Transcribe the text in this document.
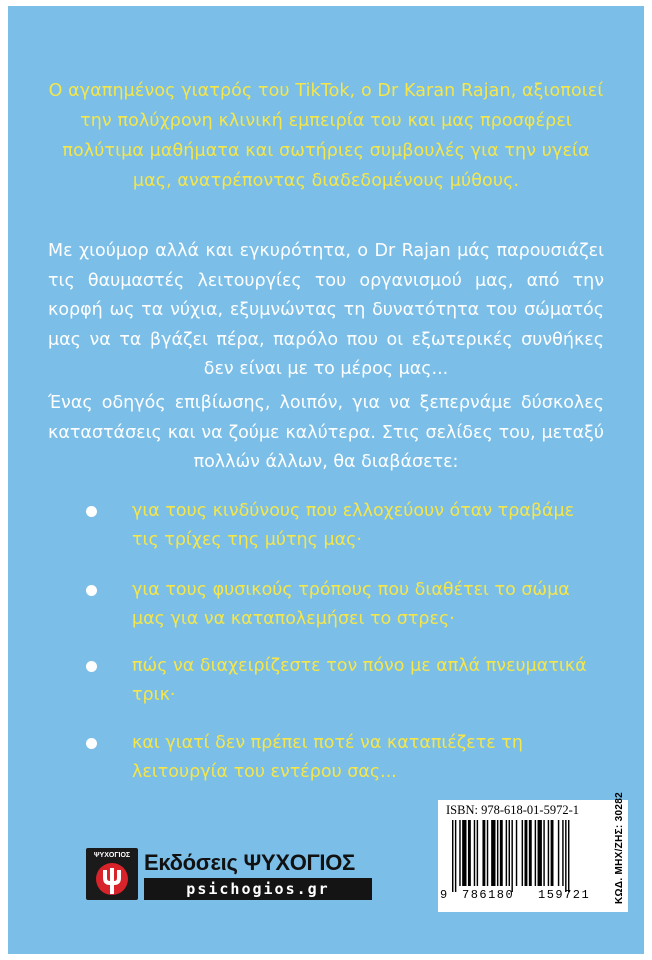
Ο αγαπημένος γιατρός του TikTok, ο Dr Karan Rajan, αξιοποιεί την πολύχρονη κλινική εμπειρία του και μας προσφέρει πολύτιμα μαθήματα και σωτήριες συμβουλές για την υγεία μας, ανατρέποντας διαδεδομένους μύθους.

Με χιούμορ αλλά και εγκυρότητα, ο Dr Rajan μάς παρουσιάζει τις θαυμαστές λειτουργίες του οργανισμού μας, από την κορφή ως τα νύχια, εξυμνώντας τη δυνατότητα του σώματός μας να τα βγάζει πέρα, παρόλο που οι εξωτερικές συνθήκες δεν είναι με το μέρος μας...

Ένας οδηγός επιβίωσης, λοιπόν, για να ξεπερνάμε δύσκολες καταστάσεις και να ζούμε καλύτερα. Στις σελίδες του, μεταξύ πολλών άλλων, θα διαβάσετε:

για τους κινδύνους που ελλοχεύουν όταν τραβάμε τις τρίχες της μύτης μας·
για τους φυσικούς τρόπους που διαθέτει το σώμα μας για να καταπολεμήσει το στρες·
πώς να διαχειρίζεστε τον πόνο με απλά πνευματικά τρικ·
και γιατί δεν πρέπει ποτέ να καταπιέζετε τη λειτουργία του εντέρου σας...
ΨΥΧΟΓΙΟΣ Εκδόσεις ΨΥΧΟΓΙΟΣ
psichogios.gr
ISBN: 978-618-01-5972-1
9 786180 159721 ΚΩΔ. ΜΗΧ/ΖΗΣ: 30282
